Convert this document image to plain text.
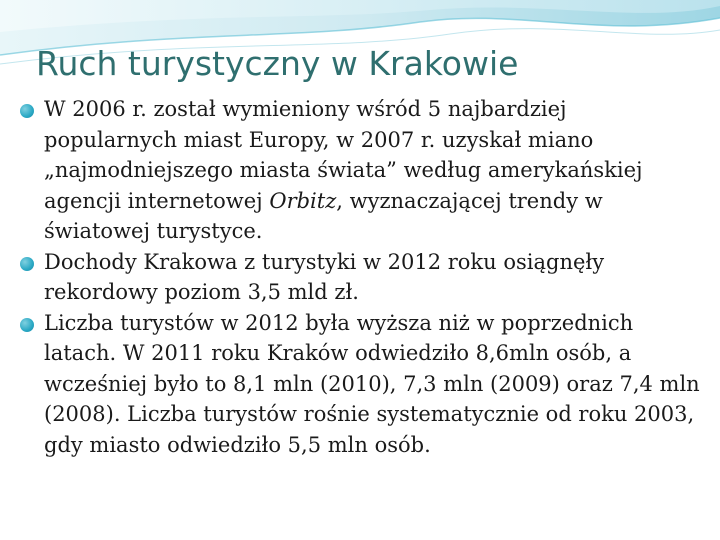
Ruch turystyczny w Krakowie
W 2006 r. został wymieniony wśród 5 najbardziej popularnych miast Europy, w 2007 r. uzyskał miano „najmodniejszego miasta świata” według amerykańskiej agencji internetowej Orbitz, wyznaczającej trendy w światowej turystyce.
Dochody Krakowa z turystyki w 2012 roku osiągnęły rekordowy poziom 3,5 mld zł.
Liczba turystów w 2012 była wyższa niż w poprzednich latach. W 2011 roku Kraków odwiedziło 8,6mln osób, a wcześniej było to 8,1 mln (2010), 7,3 mln (2009) oraz 7,4 mln (2008). Liczba turystów rośnie systematycznie od roku 2003, gdy miasto odwiedziło 5,5 mln osób.
